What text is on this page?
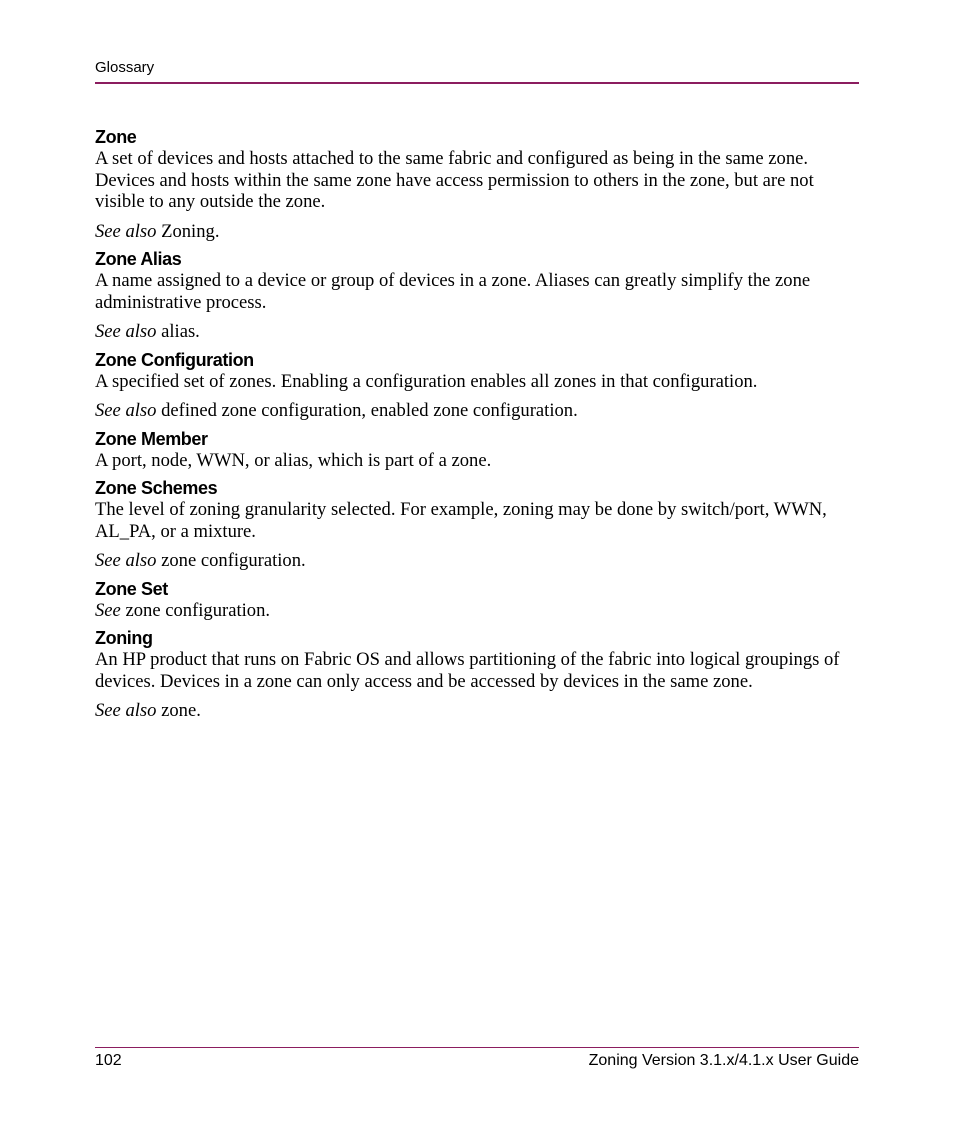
Glossary

Zone

A set of devices and hosts attached to the same fabric and configured as being in the same zone. Devices and hosts within the same zone have access permission to others in the zone, but are not visible to any outside the zone.

See also Zoning.

Zone Alias

A name assigned to a device or group of devices in a zone. Aliases can greatly simplify the zone administrative process.

See also alias.

Zone Configuration

A specified set of zones. Enabling a configuration enables all zones in that configuration.

See also defined zone configuration, enabled zone configuration.

Zone Member

A port, node, WWN, or alias, which is part of a zone.

Zone Schemes

The level of zoning granularity selected. For example, zoning may be done by switch/port, WWN, AL_PA, or a mixture.

See also zone configuration.

Zone Set

See zone configuration.

Zoning

An HP product that runs on Fabric OS and allows partitioning of the fabric into logical groupings of devices. Devices in a zone can only access and be accessed by devices in the same zone.

See also zone.

102	Zoning Version 3.1.x/4.1.x User Guide
